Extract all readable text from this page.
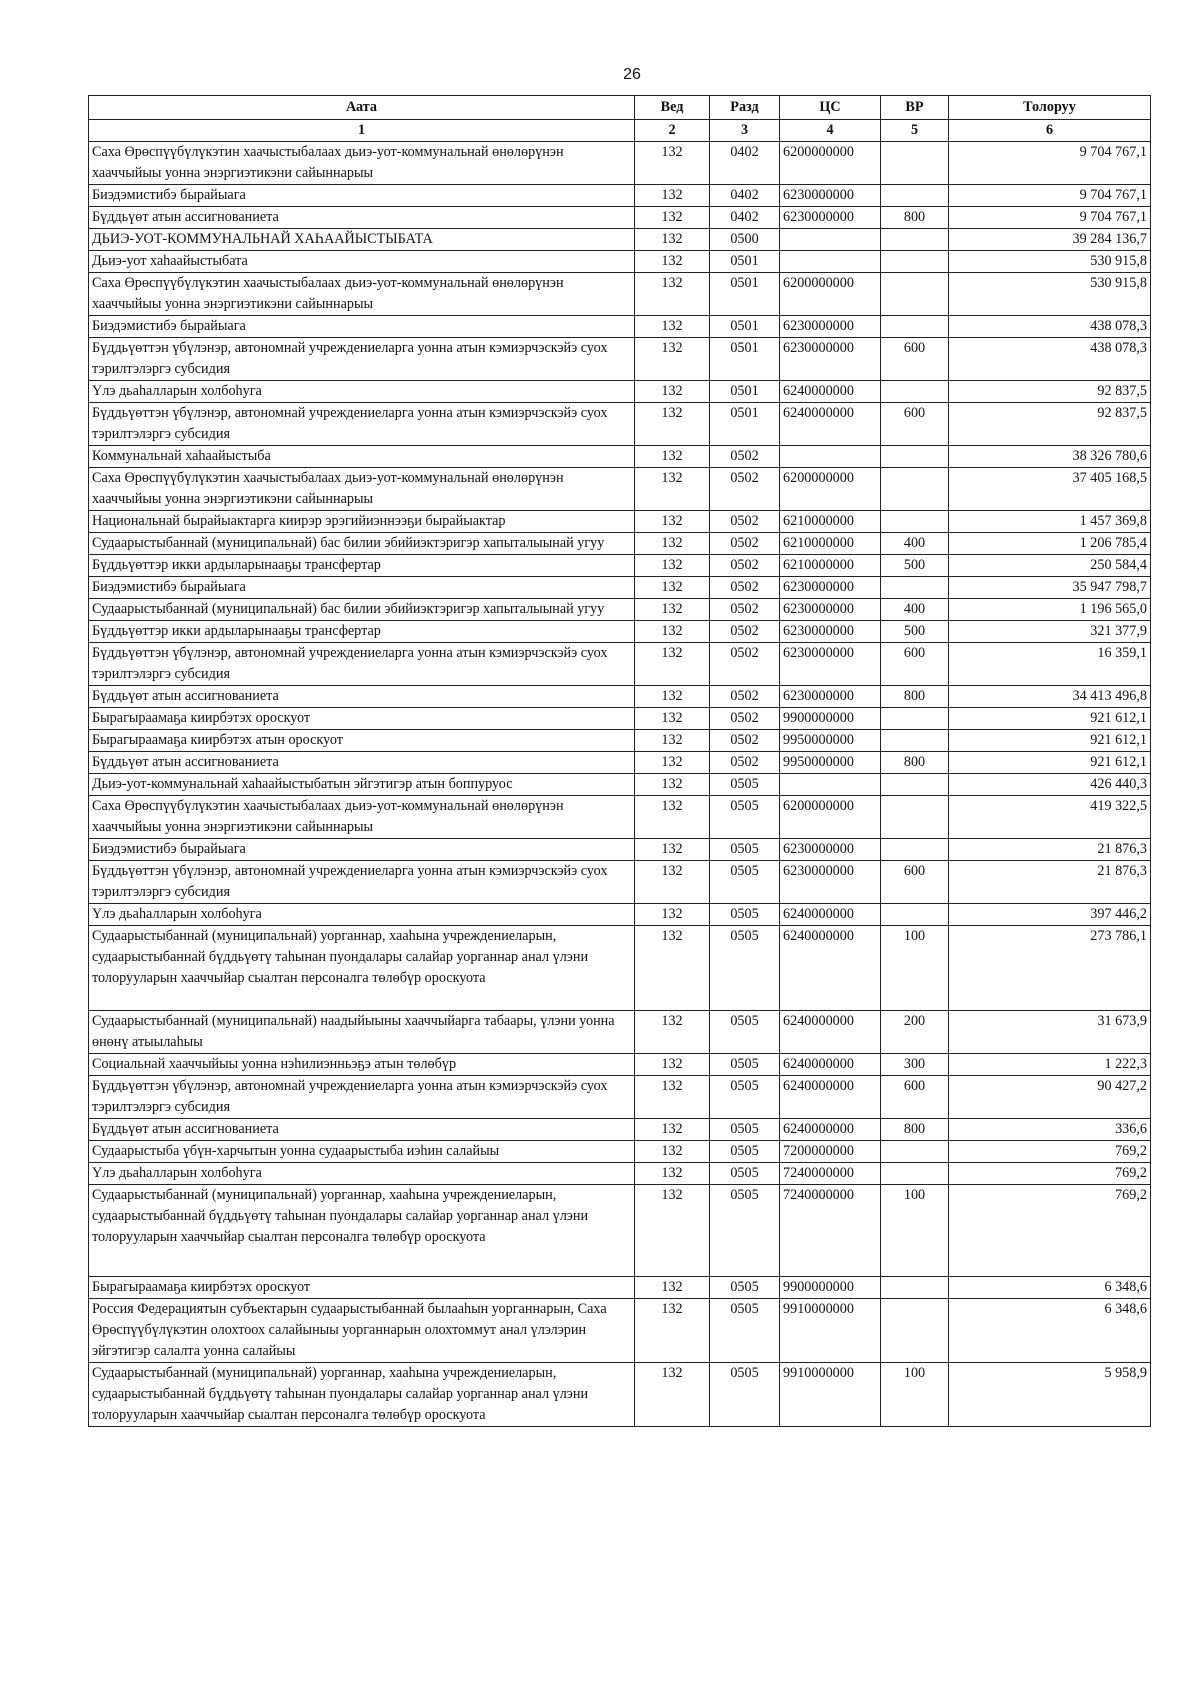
26
Аата	Вед	Разд	ЦС	ВР	Толоруу
1	2	3	4	5	6
Саха Өрөспүүбүлүкэтин хаачыстыбалаах дьиэ-уот-коммунальнай өнөлөрүнэн хааччыйыы уонна энэргиэтикэни сайыннарыы	132	0402	6200000000		9 704 767,1
Биэдэмистибэ бырайыага	132	0402	6230000000		9 704 767,1
Бүддьүөт атын ассигнованиета	132	0402	6230000000	800	9 704 767,1
ДЬИЭ-УОТ-КОММУНАЛЬНАЙ ХАҺААЙЫСТЫБАТА	132	0500			39 284 136,7
Дьиэ-уот хаһаайыстыбата	132	0501			530 915,8
Саха Өрөспүүбүлүкэтин хаачыстыбалаах дьиэ-уот-коммунальнай өнөлөрүнэн хааччыйыы уонна энэргиэтикэни сайыннарыы	132	0501	6200000000		530 915,8
Биэдэмистибэ бырайыага	132	0501	6230000000		438 078,3
Бүддьүөттэн үбүлэнэр, автономнай учреждениеларга уонна атын кэмиэрчэскэйэ суох тэрилтэлэргэ субсидия	132	0501	6230000000	600	438 078,3
Үлэ дьаһалларын холбоһуга	132	0501	6240000000		92 837,5
Бүддьүөттэн үбүлэнэр, автономнай учреждениеларга уонна атын кэмиэрчэскэйэ суох тэрилтэлэргэ субсидия	132	0501	6240000000	600	92 837,5
Коммунальнай хаһаайыстыба	132	0502			38 326 780,6
Саха Өрөспүүбүлүкэтин хаачыстыбалаах дьиэ-уот-коммунальнай өнөлөрүнэн хааччыйыы уонна энэргиэтикэни сайыннарыы	132	0502	6200000000		37 405 168,5
Национальнай бырайыактарга киирэр эрэгийиэннээҕи бырайыактар	132	0502	6210000000		1 457 369,8
Судаарыстыбаннай (муниципальнай) бас билии эбийиэктэригэр хапыталыынай угуу	132	0502	6210000000	400	1 206 785,4
Бүддьүөттэр икки ардыларынааҕы трансфертар	132	0502	6210000000	500	250 584,4
Биэдэмистибэ бырайыага	132	0502	6230000000		35 947 798,7
Судаарыстыбаннай (муниципальнай) бас билии эбийиэктэригэр хапыталыынай угуу	132	0502	6230000000	400	1 196 565,0
Бүддьүөттэр икки ардыларынааҕы трансфертар	132	0502	6230000000	500	321 377,9
Бүддьүөттэн үбүлэнэр, автономнай учреждениеларга уонна атын кэмиэрчэскэйэ суох тэрилтэлэргэ субсидия	132	0502	6230000000	600	16 359,1
Бүддьүөт атын ассигнованиета	132	0502	6230000000	800	34 413 496,8
Бырагыраамаҕа киирбэтэх ороскуот	132	0502	9900000000		921 612,1
Бырагыраамаҕа киирбэтэх атын ороскуот	132	0502	9950000000		921 612,1
Бүддьүөт атын ассигнованиета	132	0502	9950000000	800	921 612,1
Дьиэ-уот-коммунальнай хаһаайыстыбатын эйгэтигэр атын боппуруос	132	0505			426 440,3
Саха Өрөспүүбүлүкэтин хаачыстыбалаах дьиэ-уот-коммунальнай өнөлөрүнэн хааччыйыы уонна энэргиэтикэни сайыннарыы	132	0505	6200000000		419 322,5
Биэдэмистибэ бырайыага	132	0505	6230000000		21 876,3
Бүддьүөттэн үбүлэнэр, автономнай учреждениеларга уонна атын кэмиэрчэскэйэ суох тэрилтэлэргэ субсидия	132	0505	6230000000	600	21 876,3
Үлэ дьаһалларын холбоһуга	132	0505	6240000000		397 446,2
Судаарыстыбаннай (муниципальнай) уорганнар, хааһына учреждениеларын, судаарыстыбаннай бүддьүөтү таһынан пуондалары салайар уорганнар анал үлэни толорууларын хааччыйар сыалтан персоналга төлөбүр ороскуота	132	0505	6240000000	100	273 786,1
Судаарыстыбаннай (муниципальнай) наадыйыыны хааччыйарга табаары, үлэни уонна өнөнү атыылаһыы	132	0505	6240000000	200	31 673,9
Социальнай хааччыйыы уонна нэһилиэнньэҕэ атын төлөбүр	132	0505	6240000000	300	1 222,3
Бүддьүөттэн үбүлэнэр, автономнай учреждениеларга уонна атын кэмиэрчэскэйэ суох тэрилтэлэргэ субсидия	132	0505	6240000000	600	90 427,2
Бүддьүөт атын ассигнованиета	132	0505	6240000000	800	336,6
Судаарыстыба үбүн-харчытын уонна судаарыстыба иэһин салайыы	132	0505	7200000000		769,2
Үлэ дьаһалларын холбоһуга	132	0505	7240000000		769,2
Судаарыстыбаннай (муниципальнай) уорганнар, хааһына учреждениеларын, судаарыстыбаннай бүддьүөтү таһынан пуондалары салайар уорганнар анал үлэни толорууларын хааччыйар сыалтан персоналга төлөбүр ороскуота	132	0505	7240000000	100	769,2
Бырагыраамаҕа киирбэтэх ороскуот	132	0505	9900000000		6 348,6
Россия Федерациятын субъектарын судаарыстыбаннай былааһын уорганнарын, Саха Өрөспүүбүлүкэтин олохтоох салайыныы уорганнарын олохтоммут анал үлэлэрин эйгэтигэр салалта уонна салайыы	132	0505	9910000000		6 348,6
Судаарыстыбаннай (муниципальнай) уорганнар, хааһына учреждениеларын, судаарыстыбаннай бүддьүөтү таһынан пуондалары салайар уорганнар анал үлэни толорууларын хааччыйар сыалтан персоналга төлөбүр ороскуота	132	0505	9910000000	100	5 958,9
